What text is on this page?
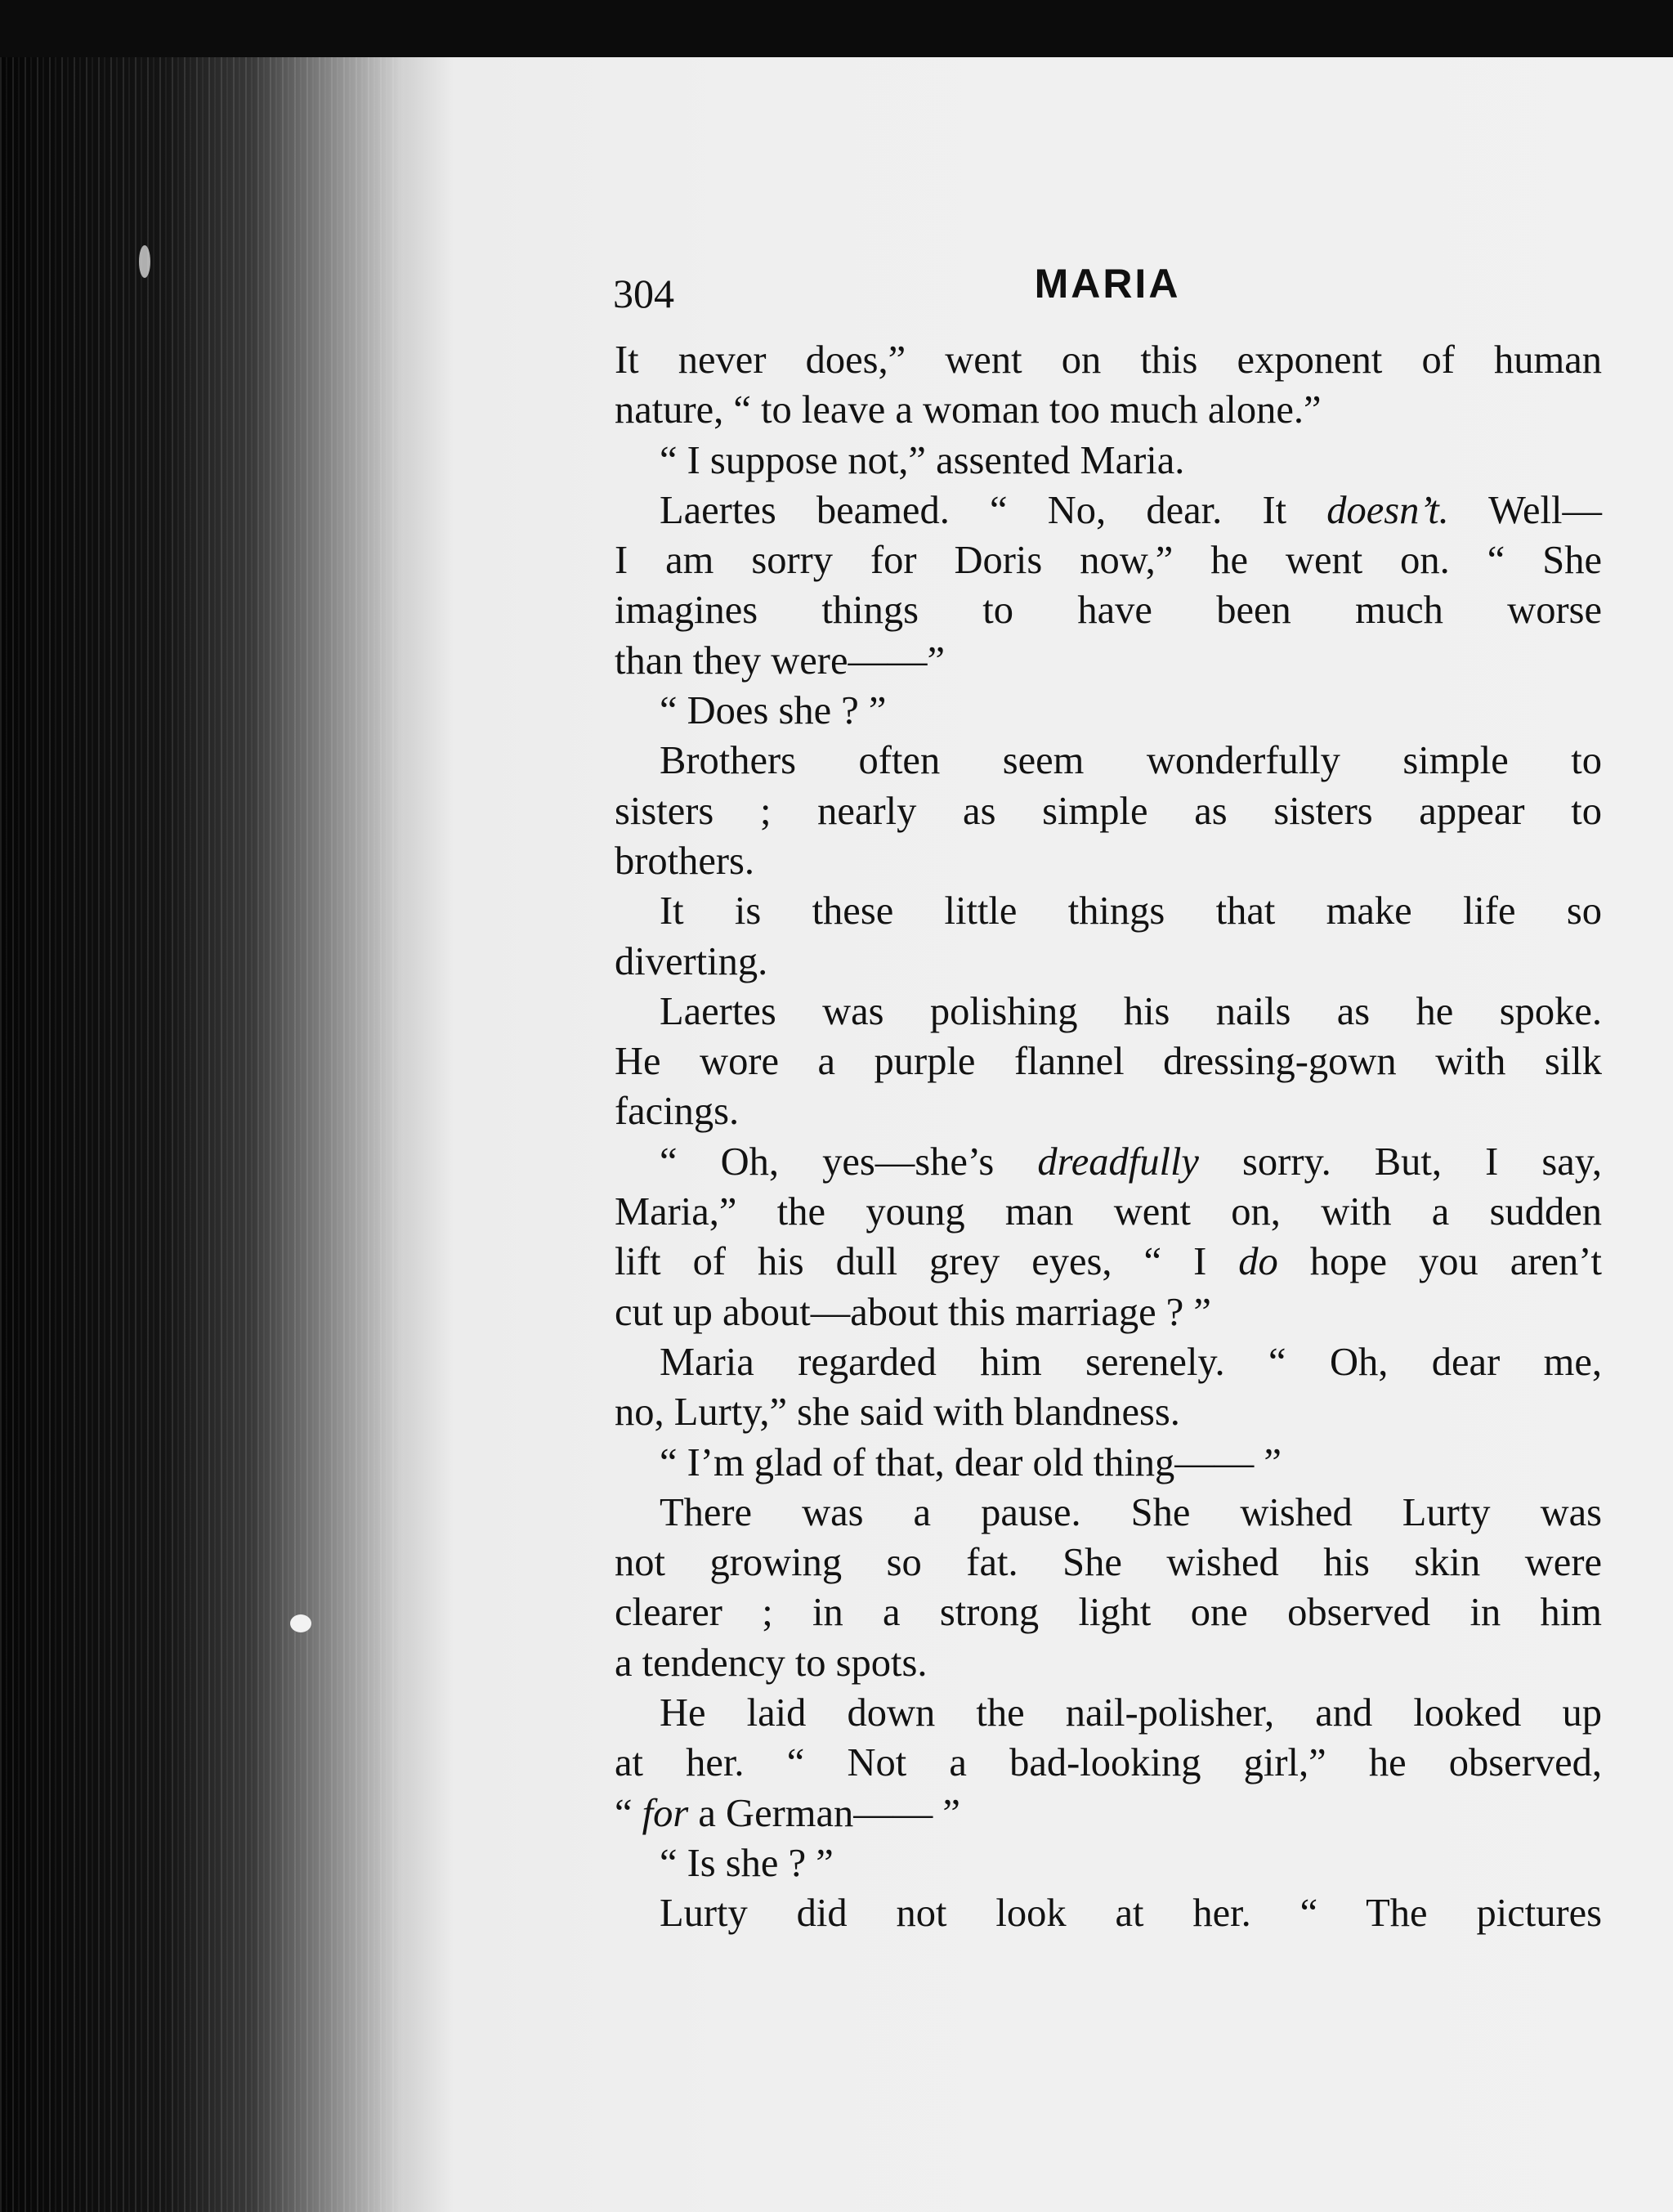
304	MARIA
It never does,” went on this exponent of human
nature, “ to leave a woman too much alone.”
“ I suppose not,” assented Maria.
Laertes beamed. “ No, dear. It doesn’t. Well—
I am sorry for Doris now,” he went on. “ She
imagines things to have been much worse
than they were——”
“ Does she ? ”
Brothers often seem wonderfully simple to
sisters ; nearly as simple as sisters appear to
brothers.
It is these little things that make life so
diverting.
Laertes was polishing his nails as he spoke.
He wore a purple flannel dressing-gown with silk
facings.
“ Oh, yes—she’s dreadfully sorry. But, I say,
Maria,” the young man went on, with a sudden
lift of his dull grey eyes, “ I do hope you aren’t
cut up about—about this marriage ? ”
Maria regarded him serenely. “ Oh, dear me,
no, Lurty,” she said with blandness.
“ I’m glad of that, dear old thing—— ”
There was a pause. She wished Lurty was
not growing so fat. She wished his skin were
clearer ; in a strong light one observed in him
a tendency to spots.
He laid down the nail-polisher, and looked up
at her. “ Not a bad-looking girl,” he observed,
“ for a German—— ”
“ Is she ? ”
Lurty did not look at her. “ The pictures
